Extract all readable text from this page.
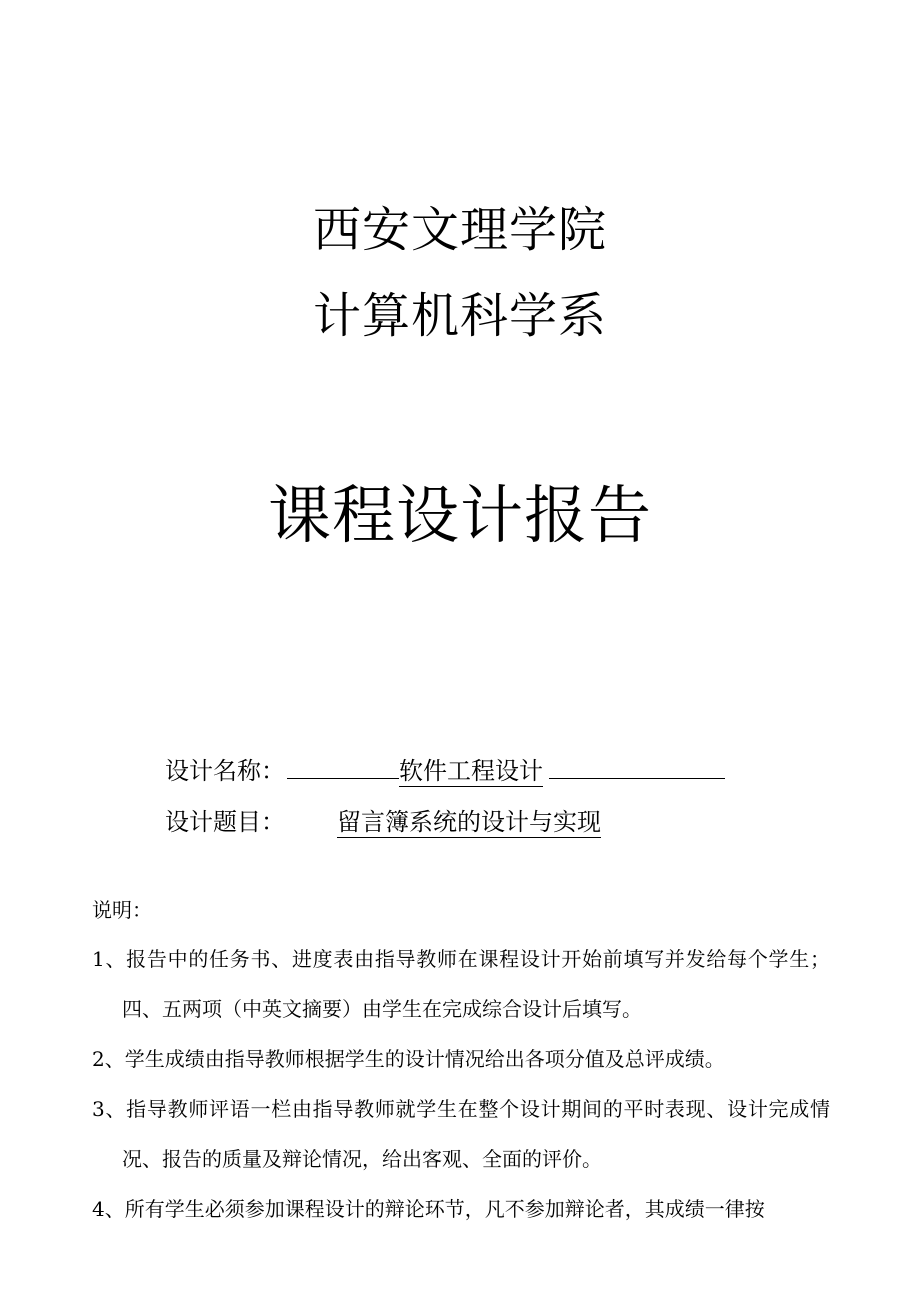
西安文理学院
计算机科学系
课程设计报告
设计名称：	软件工程设计
设计题目： 留言簿系统的设计与实现
说明：
1、报告中的任务书、进度表由指导教师在课程设计开始前填写并发给每个学生；四、五两项（中英文摘要）由学生在完成综合设计后填写。
2、学生成绩由指导教师根据学生的设计情况给出各项分值及总评成绩。
3、指导教师评语一栏由指导教师就学生在整个设计期间的平时表现、设计完成情况、报告的质量及辩论情况，给出客观、全面的评价。
4、所有学生必须参加课程设计的辩论环节，凡不参加辩论者，其成绩一律按
